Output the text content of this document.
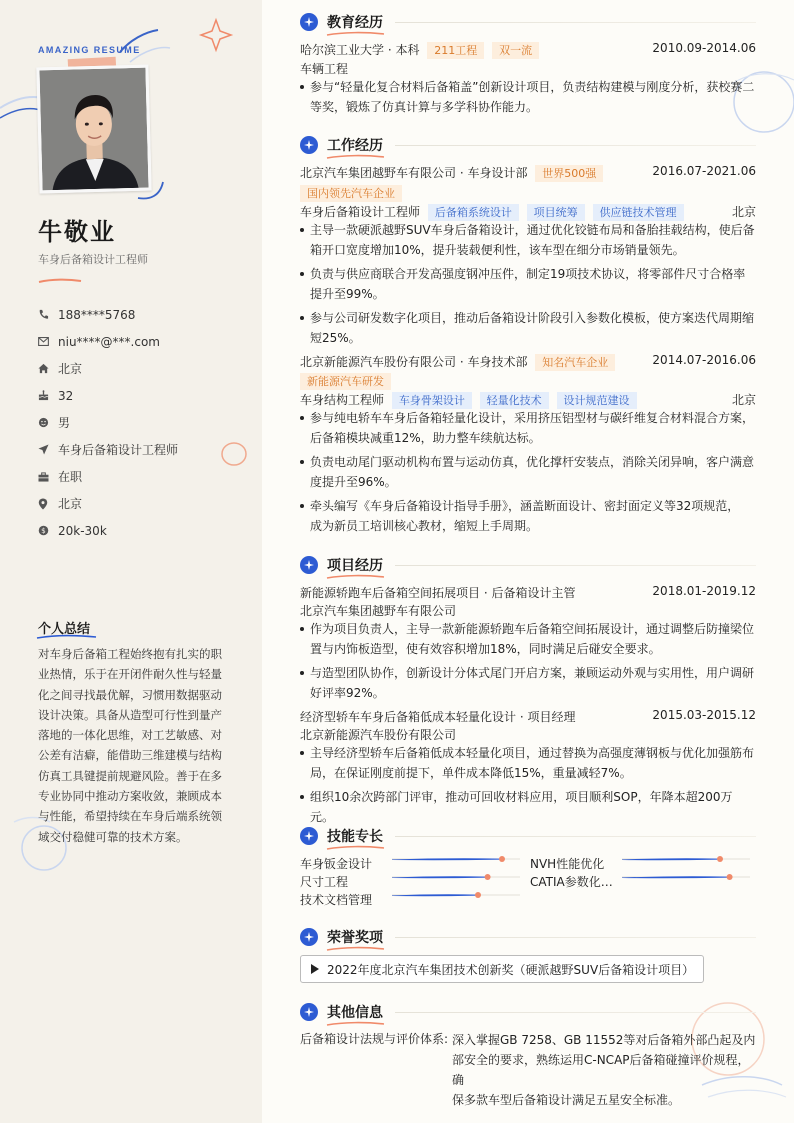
AMAZING RESUME
牛敬业
车身后备箱设计工程师
188****5768
niu****@***.com
北京
32
男
车身后备箱设计工程师
在职
北京
$ 20k-30k
个人总结
对车身后备箱工程始终抱有扎实的职业热情，乐于在开闭件耐久性与轻量化之间寻找最优解，习惯用数据驱动设计决策。具备从造型可行性到量产落地的一体化思维，对工艺敏感、对公差有洁癖，能借助三维建模与结构仿真工具键提前规避风险。善于在多专业协同中推动方案收敛，兼顾成本与性能，希望持续在车身后端系统领域交付稳健可靠的技术方案。
教育经历
哈尔滨工业大学 · 本科 211工程 双一流	2010.09-2014.06
车辆工程
参与“轻量化复合材料后备箱盖”创新设计项目，负责结构建模与刚度分析，获校赛二
等奖，锻炼了仿真计算与多学科协作能力。
工作经历
北京汽车集团越野车有限公司 · 车身设计部 世界500强	2016.07-2021.06
国内领先汽车企业
车身后备箱设计工程师 后备箱系统设计 项目统筹 供应链技术管理	北京
主导一款硬派越野SUV车身后备箱设计，通过优化铰链布局和备胎挂载结构，使后备
箱开口宽度增加10%，提升装载便利性，该车型在细分市场销量领先。
负责与供应商联合开发高强度钢冲压件，制定19项技术协议，将零部件尺寸合格率
提升至99%。
参与公司研发数字化项目，推动后备箱设计阶段引入参数化模板，使方案迭代周期缩
短25%。
北京新能源汽车股份有限公司 · 车身技术部 知名汽车企业	2014.07-2016.06
新能源汽车研发
车身结构工程师 车身骨架设计 轻量化技术 设计规范建设	北京
参与纯电轿车车身后备箱轻量化设计，采用挤压铝型材与碳纤维复合材料混合方案，
后备箱模块减重12%，助力整车续航达标。
负责电动尾门驱动机构布置与运动仿真，优化撑杆安装点，消除关闭异响，客户满意
度提升至96%。
牵头编写《车身后备箱设计指导手册》，涵盖断面设计、密封面定义等32项规范，
成为新员工培训核心教材，缩短上手周期。
项目经历
新能源轿跑车后备箱空间拓展项目 · 后备箱设计主管	2018.01-2019.12
北京汽车集团越野车有限公司
作为项目负责人，主导一款新能源轿跑车后备箱空间拓展设计，通过调整后防撞梁位
置与内饰板造型，使有效容积增加18%，同时满足后碰安全要求。
与造型团队协作，创新设计分体式尾门开启方案，兼顾运动外观与实用性，用户调研
好评率92%。
经济型轿车车身后备箱低成本轻量化设计 · 项目经理	2015.03-2015.12
北京新能源汽车股份有限公司
主导经济型轿车后备箱低成本轻量化项目，通过替换为高强度薄钢板与优化加强筋布
局，在保证刚度前提下，单件成本降低15%，重量减轻7%。
组织10余次跨部门评审，推动可回收材料应用，项目顺利SOP，年降本超200万元。
技能专长
车身钣金设计	NVH性能优化
尺寸工程	CATIA参数化…
技术文档管理
荣誉奖项
2022年度北京汽车集团技术创新奖（硬派越野SUV后备箱设计项目）
其他信息
后备箱设计法规与评价体系: 深入掌握GB 7258、GB 11552等对后备箱外部凸起及内
部安全的要求，熟练运用C-NCAP后备箱碰撞评价规程，确
保多款车型后备箱设计满足五星安全标准。
